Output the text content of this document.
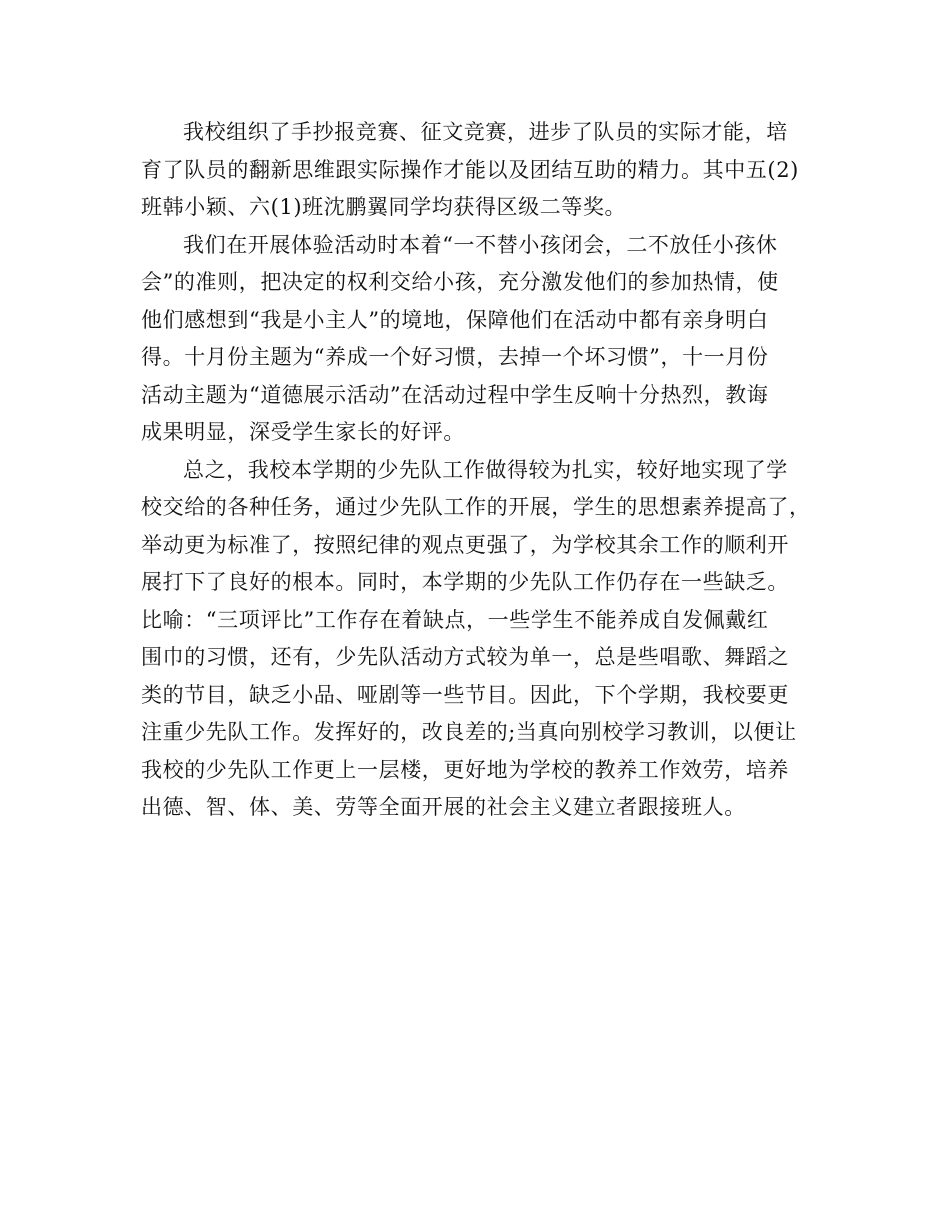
我校组织了手抄报竞赛、征文竞赛，进步了队员的实际才能，培
育了队员的翻新思维跟实际操作才能以及团结互助的精力。其中五(2)
班韩小颖、六(1)班沈鹏翼同学均获得区级二等奖。
我们在开展体验活动时本着“一不替小孩闭会，二不放任小孩休
会”的准则，把决定的权利交给小孩，充分激发他们的参加热情，使
他们感想到“我是小主人”的境地，保障他们在活动中都有亲身明白
得。十月份主题为“养成一个好习惯，去掉一个坏习惯”，十一月份
活动主题为“道德展示活动”在活动过程中学生反响十分热烈，教诲
成果明显，深受学生家长的好评。
总之，我校本学期的少先队工作做得较为扎实，较好地实现了学
校交给的各种任务，通过少先队工作的开展，学生的思想素养提高了，
举动更为标准了，按照纪律的观点更强了，为学校其余工作的顺利开
展打下了良好的根本。同时，本学期的少先队工作仍存在一些缺乏。
比喻：“三项评比”工作存在着缺点，一些学生不能养成自发佩戴红
围巾的习惯，还有，少先队活动方式较为单一，总是些唱歌、舞蹈之
类的节目，缺乏小品、哑剧等一些节目。因此，下个学期，我校要更
注重少先队工作。发挥好的，改良差的;当真向别校学习教训，以便让
我校的少先队工作更上一层楼，更好地为学校的教养工作效劳，培养
出德、智、体、美、劳等全面开展的社会主义建立者跟接班人。
